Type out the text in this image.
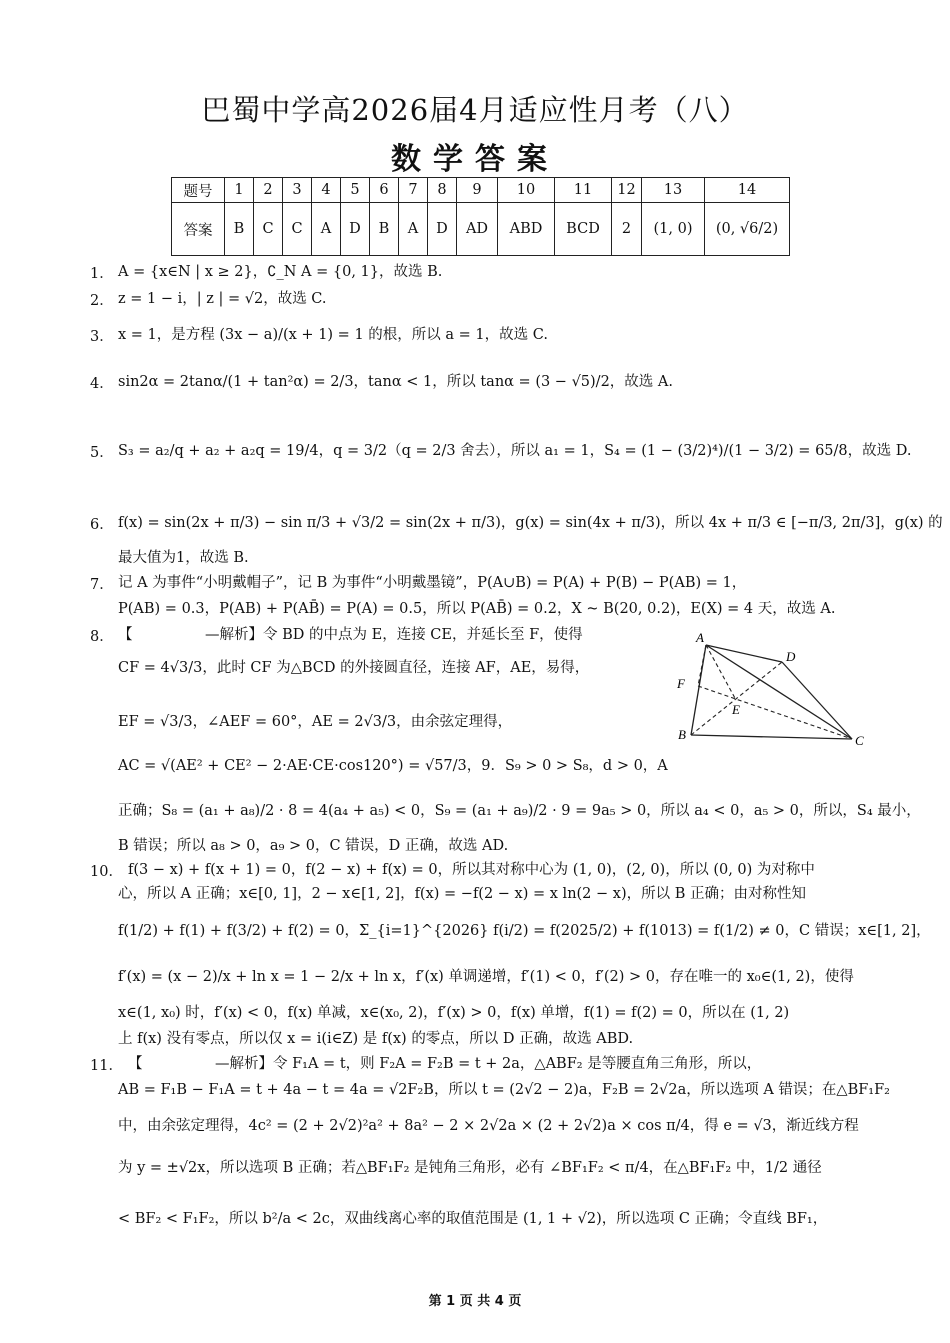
巴蜀中学高2026届4月适应性月考（八）
数学答案
题号	1	2	3	4	5	6	7	8	9	10	11	12	13	14
答案	B	C	C	A	D	B	A	D	AD	ABD	BCD	2	(1, 0)	(0, √6/2)
1． A = {x∈N | x ≥ 2}，∁_N A = {0, 1}，故选 B.
2． z = 1 − i，| z | = √2，故选 C.
3． x = 1，是方程 (3x − a)/(x + 1) = 1 的根，所以 a = 1，故选 C.
4． sin2α = 2tanα/(1 + tan²α) = 2/3，tanα < 1，所以 tanα = (3 − √5)/2，故选 A.
5． S₃ = a₂/q + a₂ + a₂q = 19/4，q = 3/2（q = 2/3 舍去），所以 a₁ = 1，S₄ = (1 − (3/2)⁴)/(1 − 3/2) = 65/8，故选 D.
6． f(x) = sin(2x + π/3) − sin π/3 + √3/2 = sin(2x + π/3)，g(x) = sin(4x + π/3)，所以 4x + π/3 ∈ [−π/3, 2π/3]，g(x) 的
最大值为1，故选 B.
7． 记 A 为事件“小明戴帽子”，记 B 为事件“小明戴墨镜”，P(A∪B) = P(A) + P(B) − P(AB) = 1，
P(AB) = 0.3，P(AB) + P(AB̄) = P(A) = 0.5，所以 P(AB̄) = 0.2，X ~ B(20, 0.2)，E(X) = 4 天，故选 A.
8． 【　　　　　—解析】令 BD 的中点为 E，连接 CE，并延长至 F，使得
CF = 4√3/3，此时 CF 为△BCD 的外接圆直径，连接 AF，AE，易得，
EF = √3/3，∠AEF = 60°，AE = 2√3/3，由余弦定理得，
AC = √(AE² + CE² − 2·AE·CE·cos120°) = √57/3，9．S₉ > 0 > S₈，d > 0，A
正确；S₈ = (a₁ + a₈)/2 · 8 = 4(a₄ + a₅) < 0，S₉ = (a₁ + a₉)/2 · 9 = 9a₅ > 0，所以 a₄ < 0，a₅ > 0，所以，S₄ 最小，
B 错误；所以 a₈ > 0，a₉ > 0，C 错误，D 正确，故选 AD.
10． f(3 − x) + f(x + 1) = 0，f(2 − x) + f(x) = 0，所以其对称中心为 (1, 0)，(2, 0)，所以 (0, 0) 为对称中
心，所以 A 正确；x∈[0, 1]，2 − x∈[1, 2]，f(x) = −f(2 − x) = x ln(2 − x)，所以 B 正确；由对称性知
f(1/2) + f(1) + f(3/2) + f(2) = 0，Σ_{i=1}^{2026} f(i/2) = f(2025/2) + f(1013) = f(1/2) ≠ 0，C 错误；x∈[1, 2]，
f′(x) = (x − 2)/x + ln x = 1 − 2/x + ln x，f′(x) 单调递增，f′(1) < 0，f′(2) > 0，存在唯一的 x₀∈(1, 2)，使得
x∈(1, x₀) 时，f′(x) < 0，f(x) 单减，x∈(x₀, 2)，f′(x) > 0，f(x) 单增，f(1) = f(2) = 0，所以在 (1, 2)
上 f(x) 没有零点，所以仅 x = i(i∈Z) 是 f(x) 的零点，所以 D 正确，故选 ABD.
11． 【　　　　　—解析】令 F₁A = t，则 F₂A = F₂B = t + 2a，△ABF₂ 是等腰直角三角形，所以，
AB = F₁B − F₁A = t + 4a − t = 4a = √2F₂B，所以 t = (2√2 − 2)a，F₂B = 2√2a，所以选项 A 错误；在△BF₁F₂
中，由余弦定理得，4c² = (2 + 2√2)²a² + 8a² − 2 × 2√2a × (2 + 2√2)a × cos π/4，得 e = √3，渐近线方程
为 y = ±√2x，所以选项 B 正确；若△BF₁F₂ 是钝角三角形，必有 ∠BF₁F₂ < π/4，在△BF₁F₂ 中，1/2 通径
< BF₂ < F₁F₂，所以 b²/a < 2c，双曲线离心率的取值范围是 (1, 1 + √2)，所以选项 C 正确；令直线 BF₁，
A
D
F
E
B	C
第 1 页 共 4 页
